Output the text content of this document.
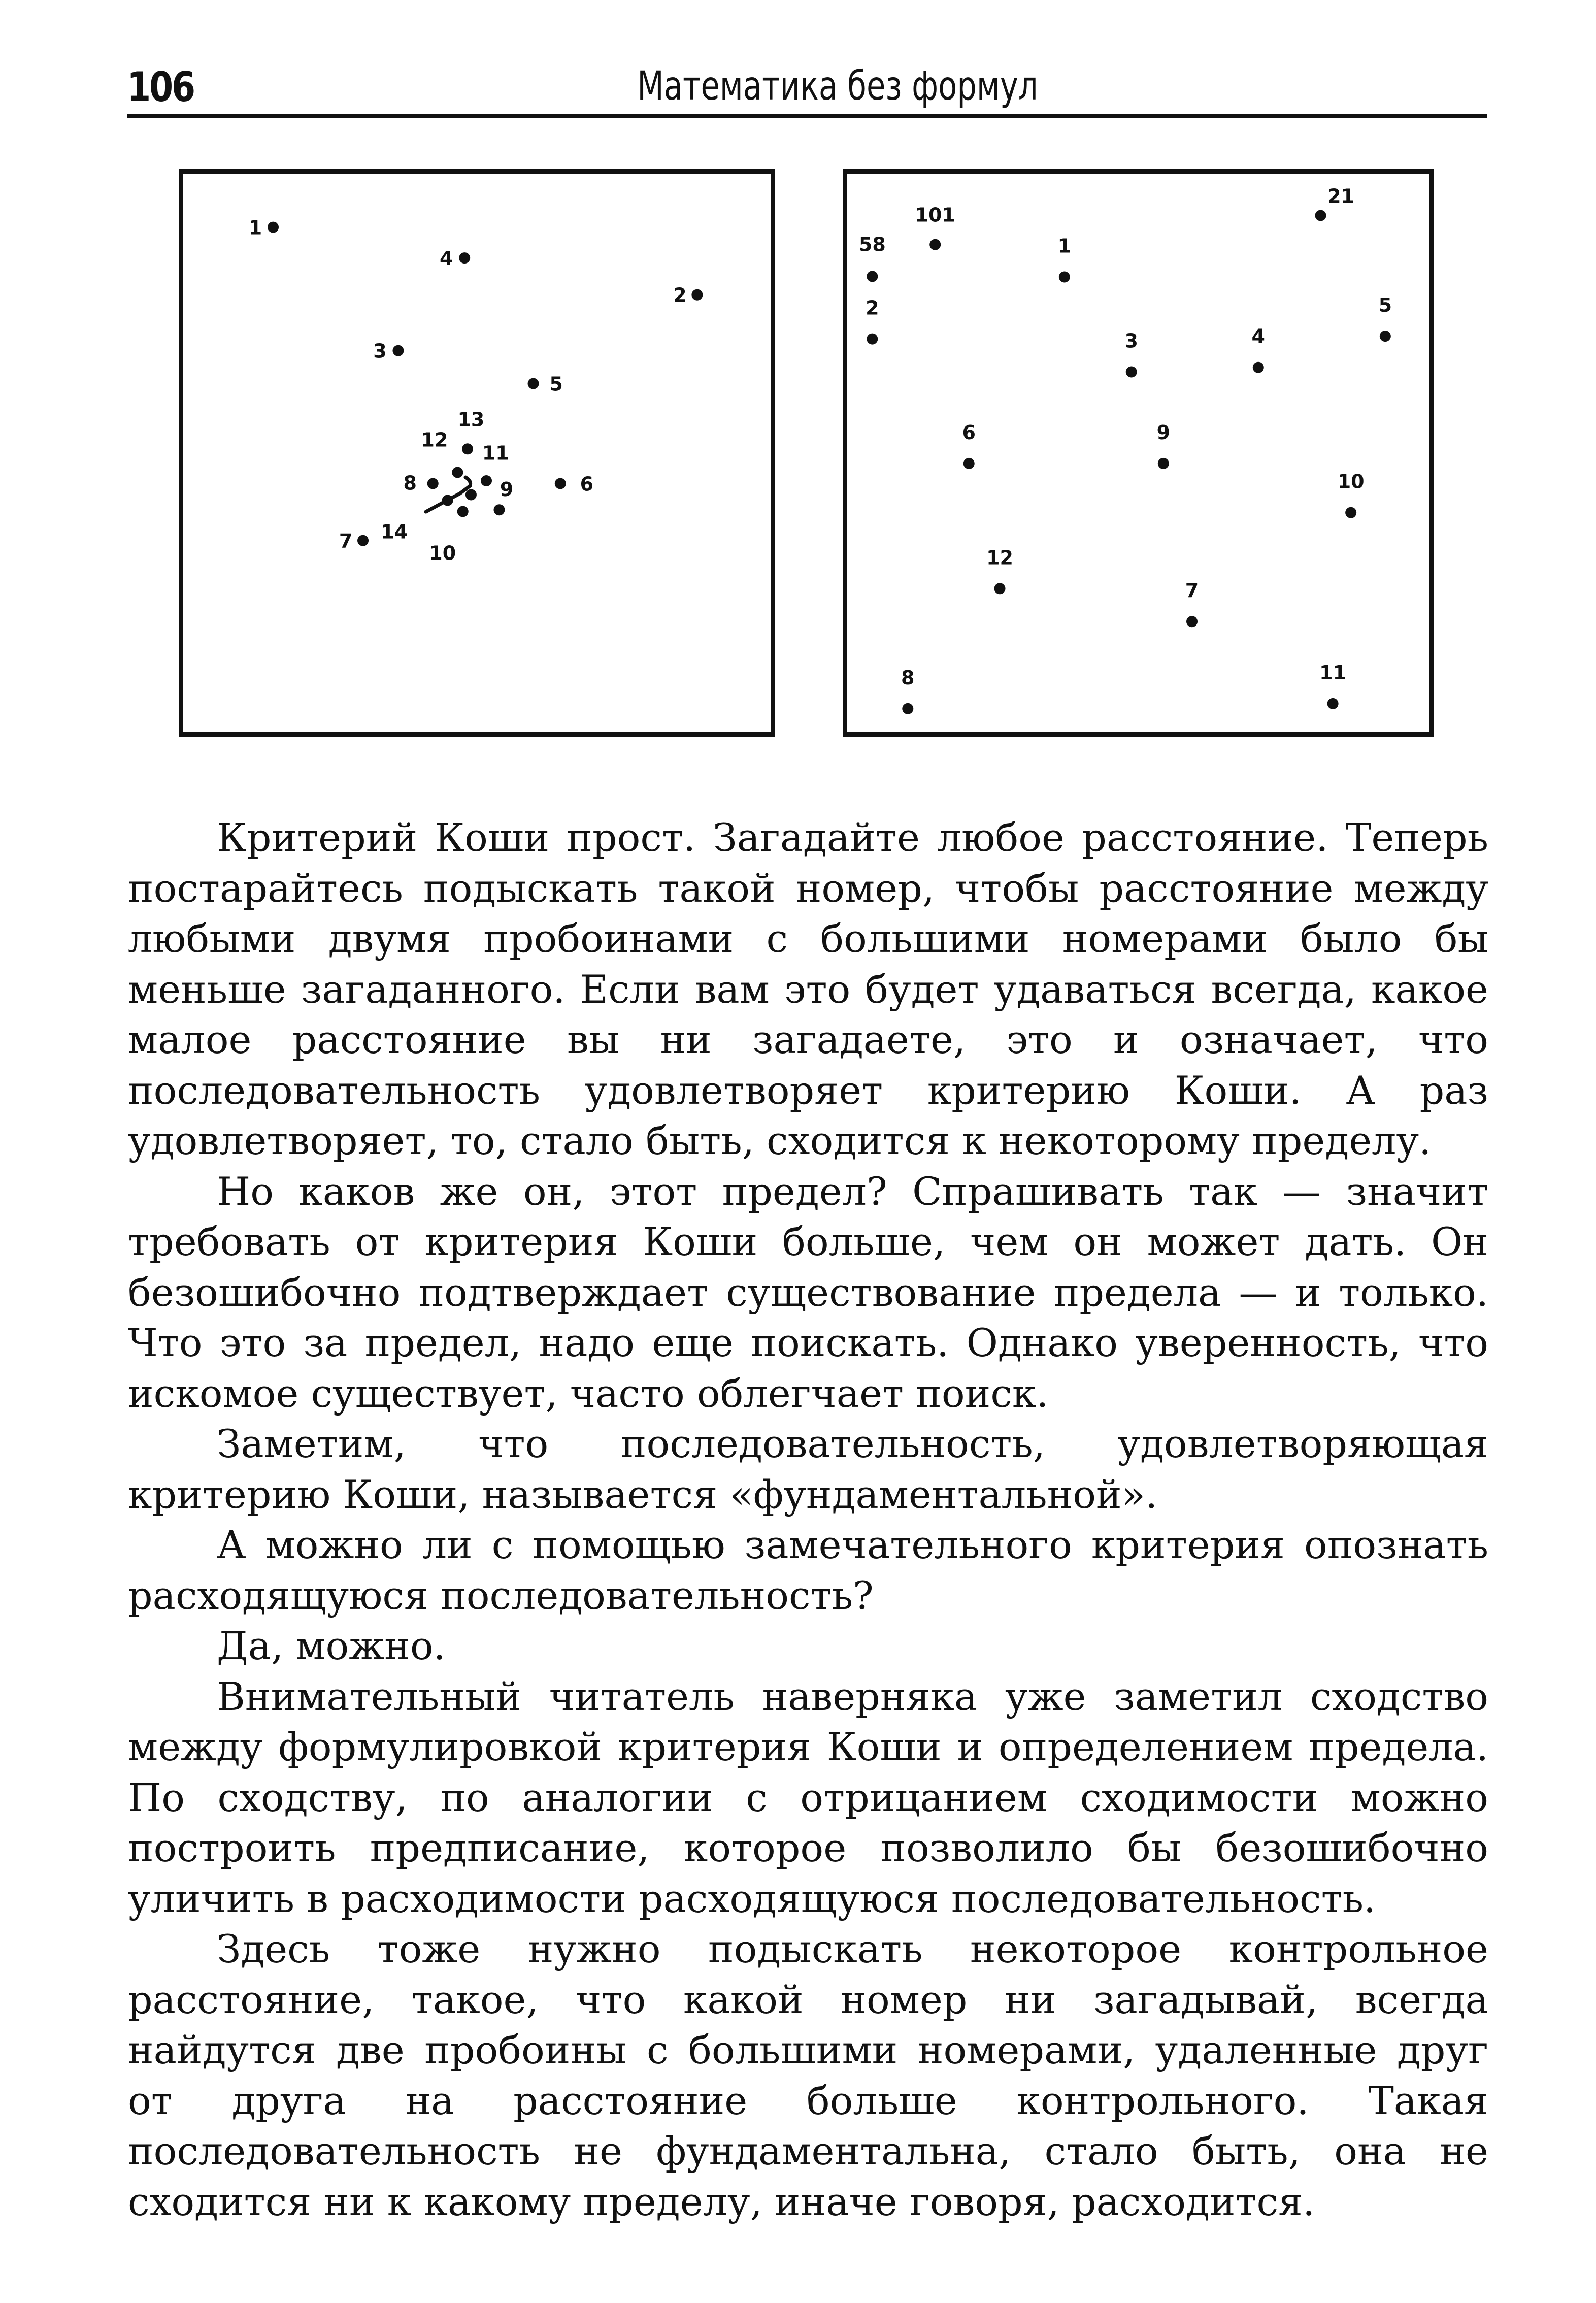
106	Математика без формул
1
2
3
4
5
6
7
8	9
10
11
12
13
14
1
2
3	4
5
6
7
8
9
10
11
12
21
58
101

Критерий Коши прост. Загадайте любое расстояние. Теперь постарайтесь подыскать такой номер, чтобы расстояние между любыми двумя пробоинами с большими номерами было бы меньше загаданного. Если вам это будет удаваться всегда, какое малое расстояние вы ни загадаете, это и означает, что последовательность удовлетворяет критерию Коши. А раз удовлетворяет, то, стало быть, сходится к некоторому пределу.

Но каков же он, этот предел? Спрашивать так — значит требовать от критерия Коши больше, чем он может дать. Он безошибочно подтверждает существование предела — и только. Что это за предел, надо еще поискать. Однако уверенность, что искомое существует, часто облегчает поиск.

Заметим, что последовательность, удовлетворяющая критерию Коши, называется «фундаментальной».

А можно ли с помощью замечательного критерия опознать расходящуюся последовательность?

Да, можно.

Внимательный читатель наверняка уже заметил сходство между формулировкой критерия Коши и определением предела. По сходству, по аналогии с отрицанием сходимости можно построить предписание, которое позволило бы безошибочно уличить в расходимости расходящуюся последовательность.

Здесь тоже нужно подыскать некоторое контрольное расстояние, такое, что какой номер ни загадывай, всегда найдутся две пробоины с большими номерами, удаленные друг от друга на расстояние больше контрольного. Такая последовательность не фундаментальна, стало быть, она не сходится ни к какому пределу, иначе говоря, расходится.
